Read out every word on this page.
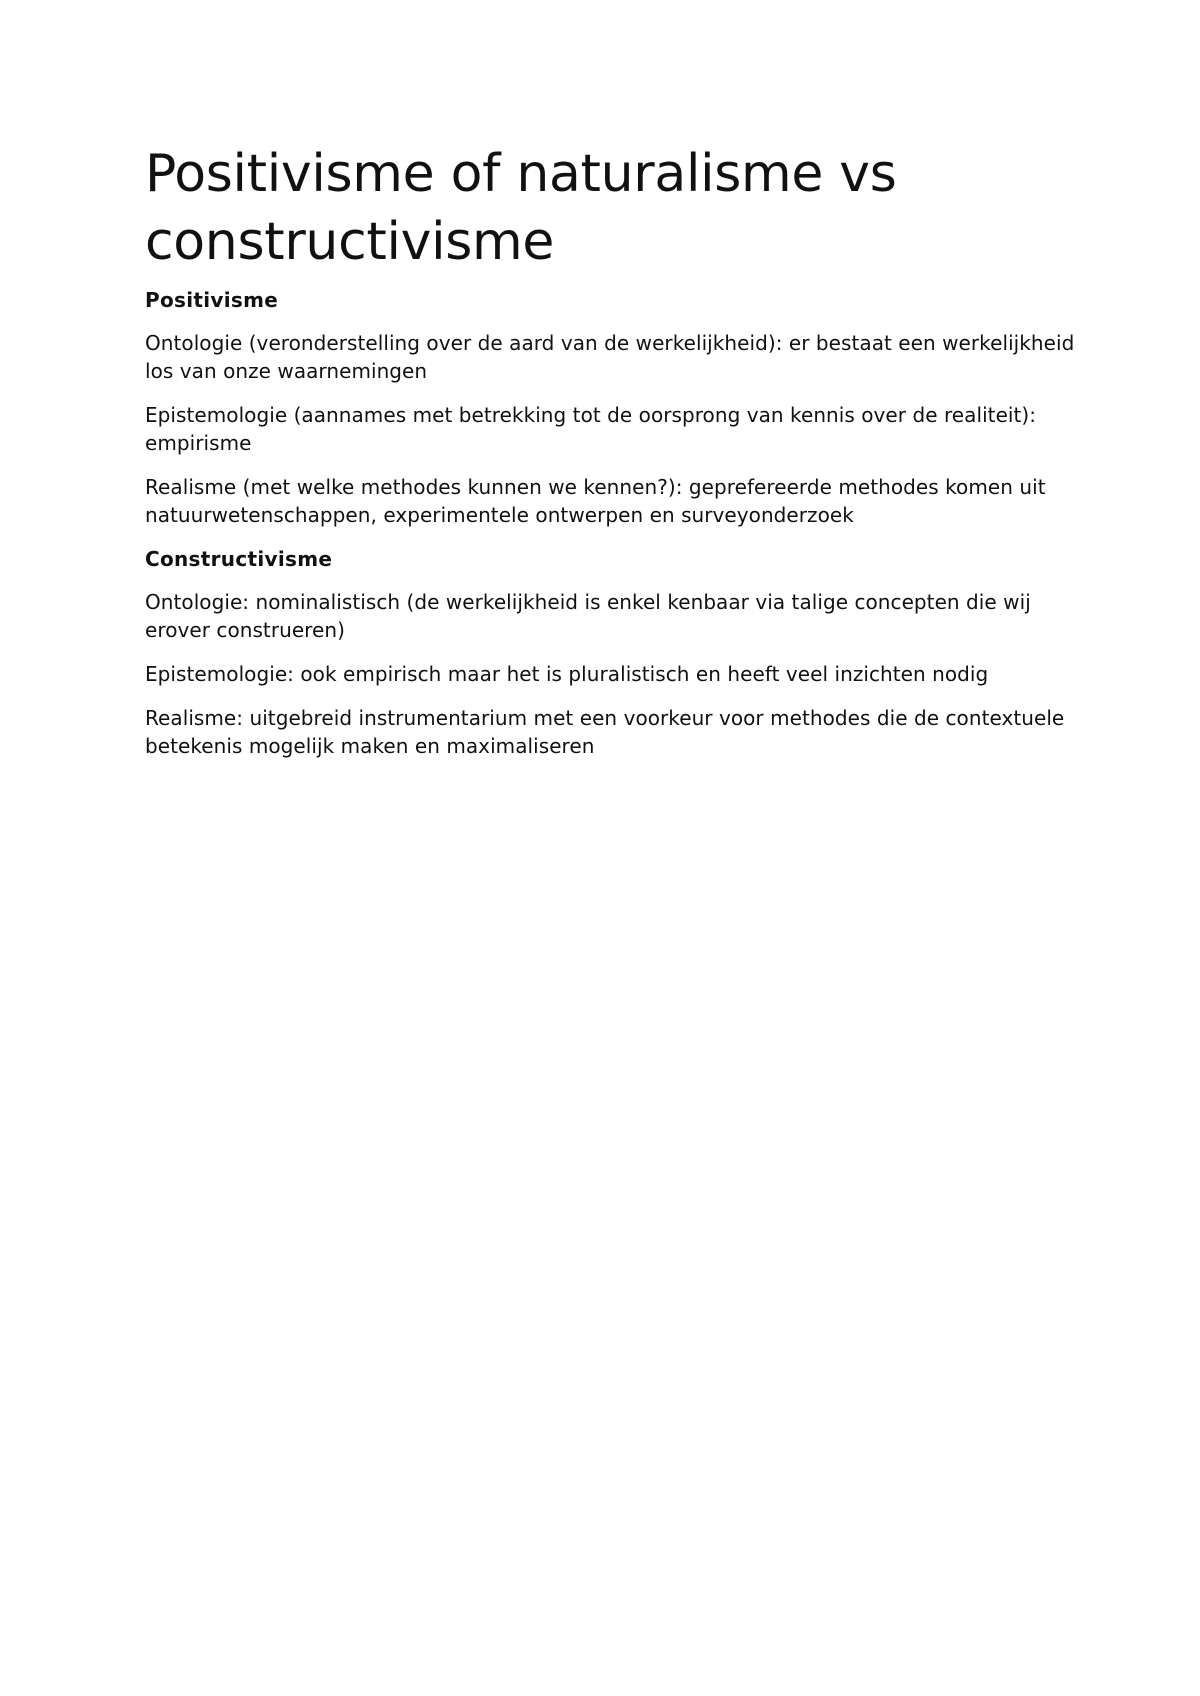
Positivisme of naturalisme vs constructivisme
Positivisme

Ontologie (veronderstelling over de aard van de werkelijkheid): er bestaat een werkelijkheid los van onze waarnemingen

Epistemologie (aannames met betrekking tot de oorsprong van kennis over de realiteit): empirisme

Realisme (met welke methodes kunnen we kennen?): geprefereerde methodes komen uit natuurwetenschappen, experimentele ontwerpen en surveyonderzoek

Constructivisme

Ontologie: nominalistisch (de werkelijkheid is enkel kenbaar via talige concepten die wij erover construeren)

Epistemologie: ook empirisch maar het is pluralistisch en heeft veel inzichten nodig

Realisme: uitgebreid instrumentarium met een voorkeur voor methodes die de contextuele betekenis mogelijk maken en maximaliseren
